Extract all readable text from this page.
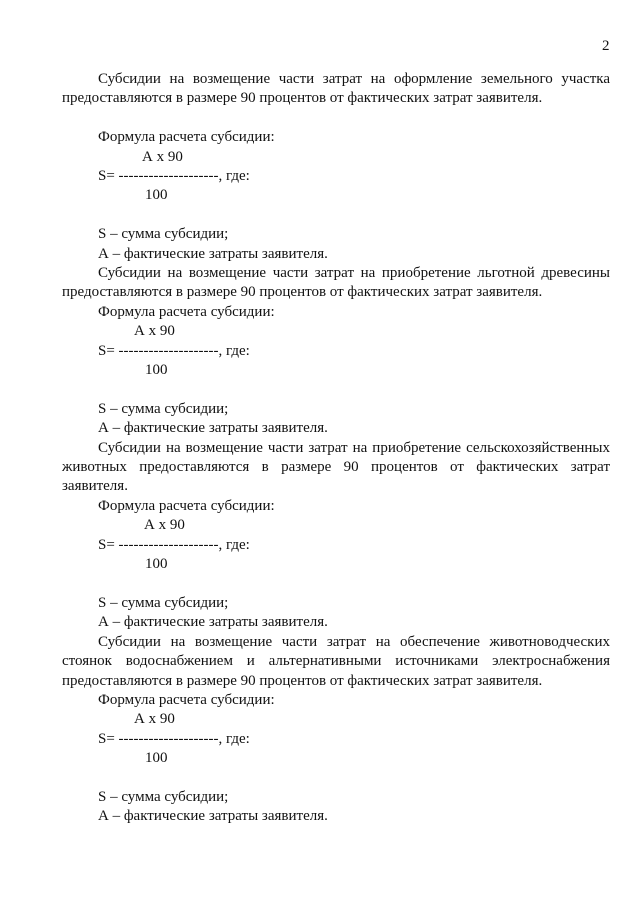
2

Субсидии на возмещение части затрат на оформление земельного участка предоставляются в размере 90 процентов от фактических затрат заявителя.

Формула расчета субсидии:

А х 90

S= --------------------, где:

100

S – сумма субсидии;

А – фактические затраты заявителя.

Субсидии на возмещение части затрат на приобретение льготной древесины предоставляются в размере 90 процентов от фактических затрат заявителя.

Формула расчета субсидии:

А х 90

S= --------------------, где:

100

S – сумма субсидии;

А – фактические затраты заявителя.

Субсидии на возмещение части затрат на приобретение сельскохозяйственных животных предоставляются в размере 90 процентов от фактических затрат заявителя.

Формула расчета субсидии:

А х 90

S= --------------------, где:

100

S – сумма субсидии;

А – фактические затраты заявителя.

Субсидии на возмещение части затрат на обеспечение животноводческих стоянок водоснабжением и альтернативными источниками электроснабжения предоставляются в размере 90 процентов от фактических затрат заявителя.

Формула расчета субсидии:

А х 90

S= --------------------, где:

100

S – сумма субсидии;

А – фактические затраты заявителя.
